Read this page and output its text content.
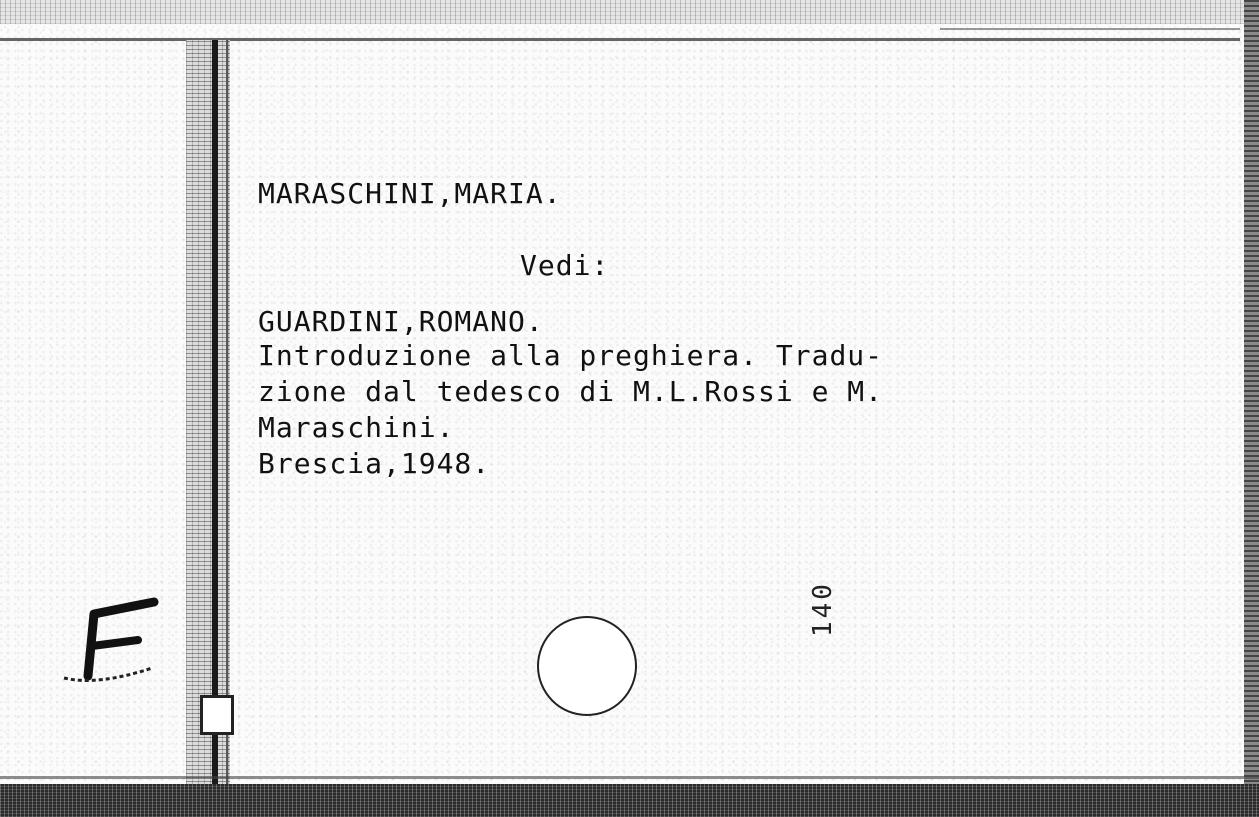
MARASCHINI,MARIA.
Vedi:
GUARDINI,ROMANO.
Introduzione alla preghiera. Tradu-
zione dal tedesco di M.L.Rossi e M.
Maraschini.
Brescia,1948.
140
